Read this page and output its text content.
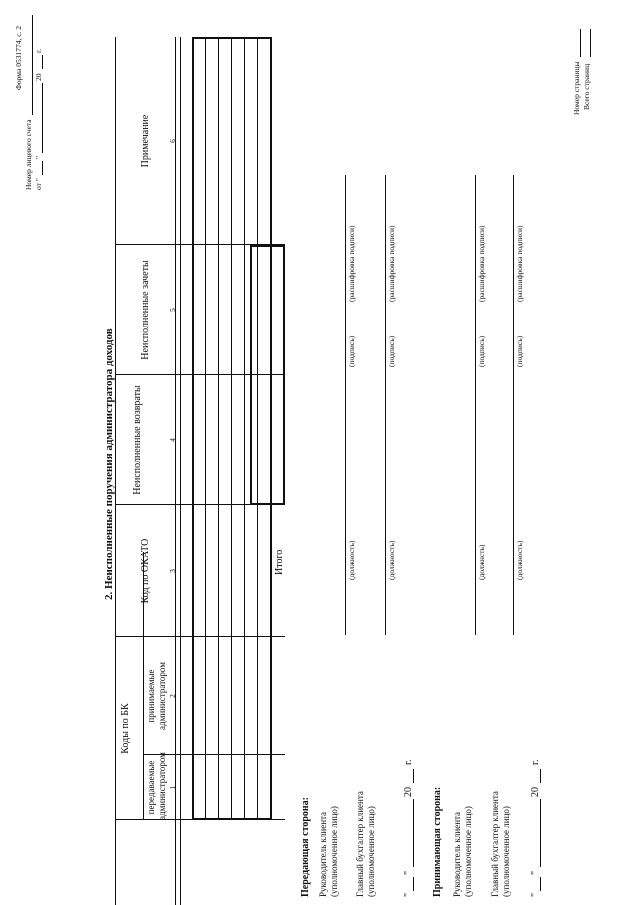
Форма 0531774, с. 2
Номер лицевого счета от "
"
20
г.
2. Неисполненные поручения администратора доходов
Коды по БК
передаваемые администратором
принимаемые администратором
Код по ОКАТО
Неисполненные возвраты
Неисполненные зачеты
Примечание
1
2
3
4
5
6
Итого
Передающая сторона: Руководитель клиента (уполномоченное лицо)
(должность)
(подпись)
(расшифровка подписи)
Главный бухгалтер клиента (уполномоченное лицо)
(должность)
(подпись)
(расшифровка подписи)
"
"
20
г.
Принимающая сторона: Руководитель клиента (уполномоченное лицо)
(должнсть)
(подпись)
(расшифровка подписи)
Главный бухгалтер клиента (уполномоченное лицо)
(должность)
(подпись)
(расшифровка подписи)
"
"
20
г.
Номер страницы Всего страниц
